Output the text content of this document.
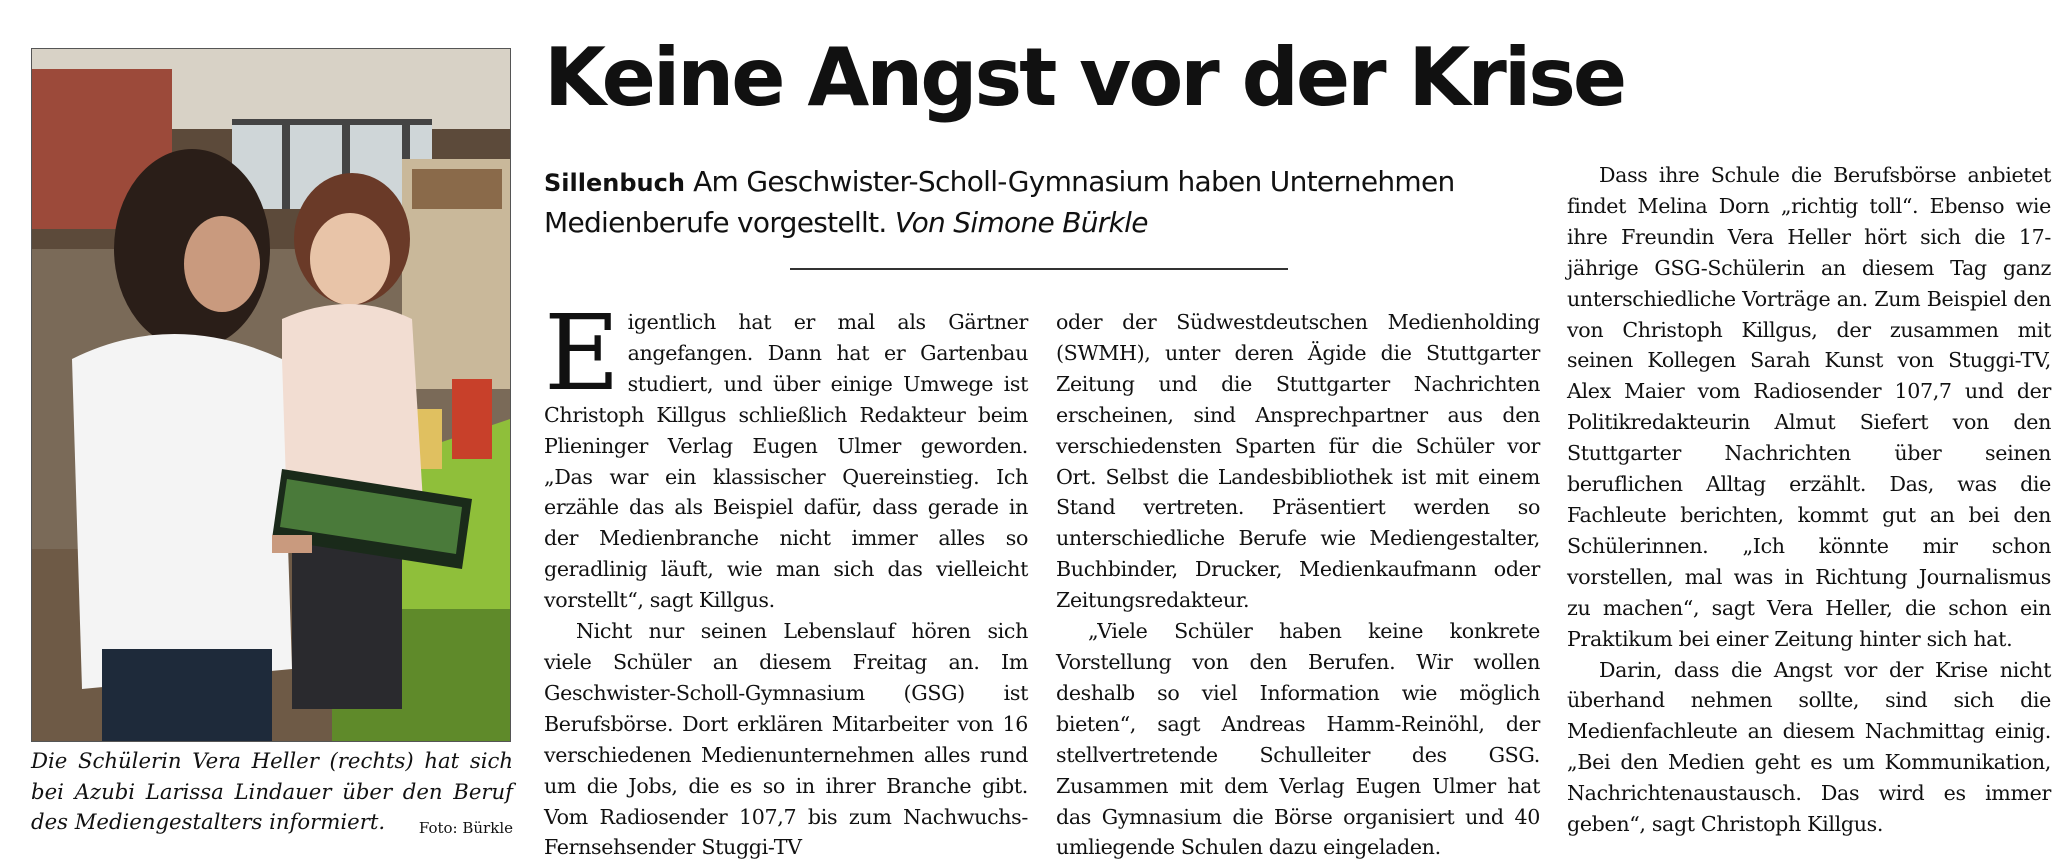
Die Schülerin Vera Heller (rechts) hat sich bei Azubi Larissa Lindauer über den Beruf des Mediengestalters informiert. Foto: Bürkle
Keine Angst vor der Krise
Sillenbuch Am Geschwister-Scholl-Gymnasium haben Unternehmen Medienberufe vorgestellt. Von Simone Bürkle

Eigentlich hat er mal als Gärtner angefangen. Dann hat er Gartenbau studiert, und über einige Umwege ist Christoph Killgus schließlich Redakteur beim Plieninger Verlag Eugen Ulmer geworden. „Das war ein klassischer Quereinstieg. Ich erzähle das als Beispiel dafür, dass gerade in der Medienbranche nicht immer alles so geradlinig läuft, wie man sich das vielleicht vorstellt“, sagt Killgus.

Nicht nur seinen Lebenslauf hören sich viele Schüler an diesem Freitag an. Im Geschwister-Scholl-Gymnasium (GSG) ist Berufsbörse. Dort erklären Mitarbeiter von 16 verschiedenen Medienunternehmen alles rund um die Jobs, die es so in ihrer Branche gibt. Vom Radiosender 107,7 bis zum Nachwuchs-Fernsehsender Stuggi-TV

oder der Südwestdeutschen Medienholding (SWMH), unter deren Ägide die Stuttgarter Zeitung und die Stuttgarter Nachrichten erscheinen, sind Ansprechpartner aus den verschiedensten Sparten für die Schüler vor Ort. Selbst die Landesbibliothek ist mit einem Stand vertreten. Präsentiert werden so unterschiedliche Berufe wie Mediengestalter, Buchbinder, Drucker, Medienkaufmann oder Zeitungsredakteur.

„Viele Schüler haben keine konkrete Vorstellung von den Berufen. Wir wollen deshalb so viel Information wie möglich bieten“, sagt Andreas Hamm-Reinöhl, der stellvertretende Schulleiter des GSG. Zusammen mit dem Verlag Eugen Ulmer hat das Gymnasium die Börse organisiert und 40 umliegende Schulen dazu eingeladen.

Dass ihre Schule die Berufsbörse anbietet findet Melina Dorn „richtig toll“. Ebenso wie ihre Freundin Vera Heller hört sich die 17-jährige GSG-Schülerin an diesem Tag ganz unterschiedliche Vorträge an. Zum Beispiel den von Christoph Killgus, der zusammen mit seinen Kollegen Sarah Kunst von Stuggi-TV, Alex Maier vom Radiosender 107,7 und der Politikredakteurin Almut Siefert von den Stuttgarter Nachrichten über seinen beruflichen Alltag erzählt. Das, was die Fachleute berichten, kommt gut an bei den Schülerinnen. „Ich könnte mir schon vorstellen, mal was in Richtung Journalismus zu machen“, sagt Vera Heller, die schon ein Praktikum bei einer Zeitung hinter sich hat.

Darin, dass die Angst vor der Krise nicht überhand nehmen sollte, sind sich die Medienfachleute an diesem Nachmittag einig. „Bei den Medien geht es um Kommunikation, Nachrichtenaustausch. Das wird es immer geben“, sagt Christoph Killgus.
